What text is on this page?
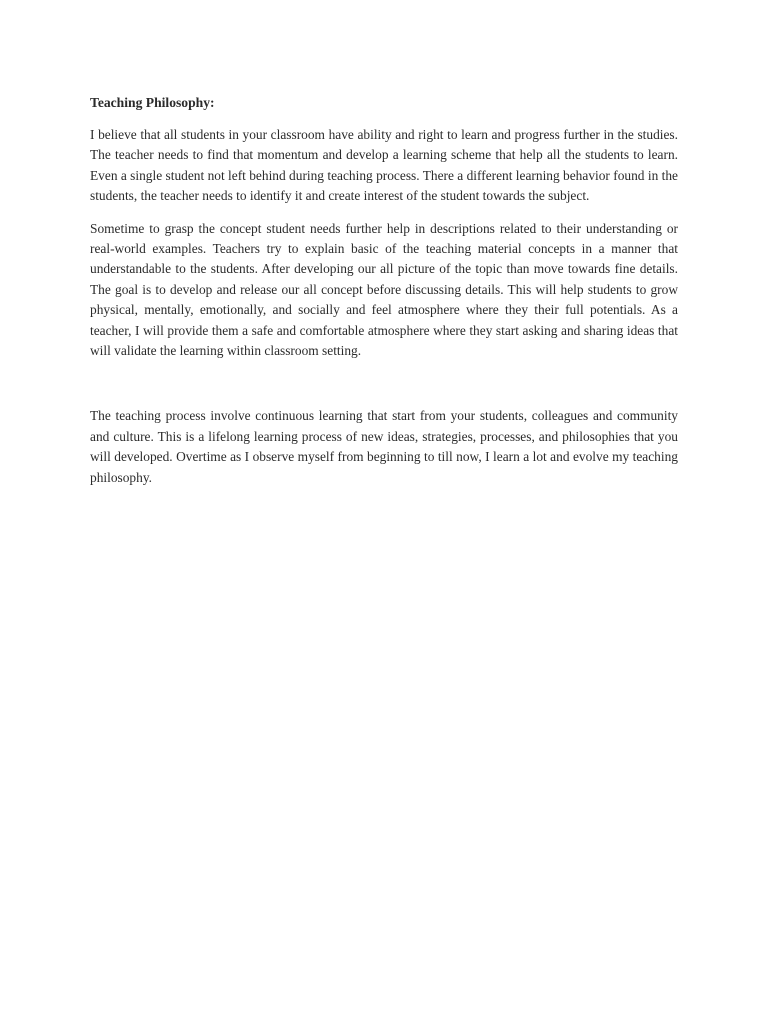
Teaching Philosophy:

I believe that all students in your classroom have ability and right to learn and progress further in the studies. The teacher needs to find that momentum and develop a learning scheme that help all the students to learn. Even a single student not left behind during teaching process. There a different learning behavior found in the students, the teacher needs to identify it and create interest of the student towards the subject.

Sometime to grasp the concept student needs further help in descriptions related to their understanding or real-world examples. Teachers try to explain basic of the teaching material concepts in a manner that understandable to the students. After developing our all picture of the topic than move towards fine details. The goal is to develop and release our all concept before discussing details. This will help students to grow physical, mentally, emotionally, and socially and feel atmosphere where they their full potentials. As a teacher, I will provide them a safe and comfortable atmosphere where they start asking and sharing ideas that will validate the learning within classroom setting.

The teaching process involve continuous learning that start from your students, colleagues and community and culture. This is a lifelong learning process of new ideas, strategies, processes, and philosophies that you will developed. Overtime as I observe myself from beginning to till now, I learn a lot and evolve my teaching philosophy.
